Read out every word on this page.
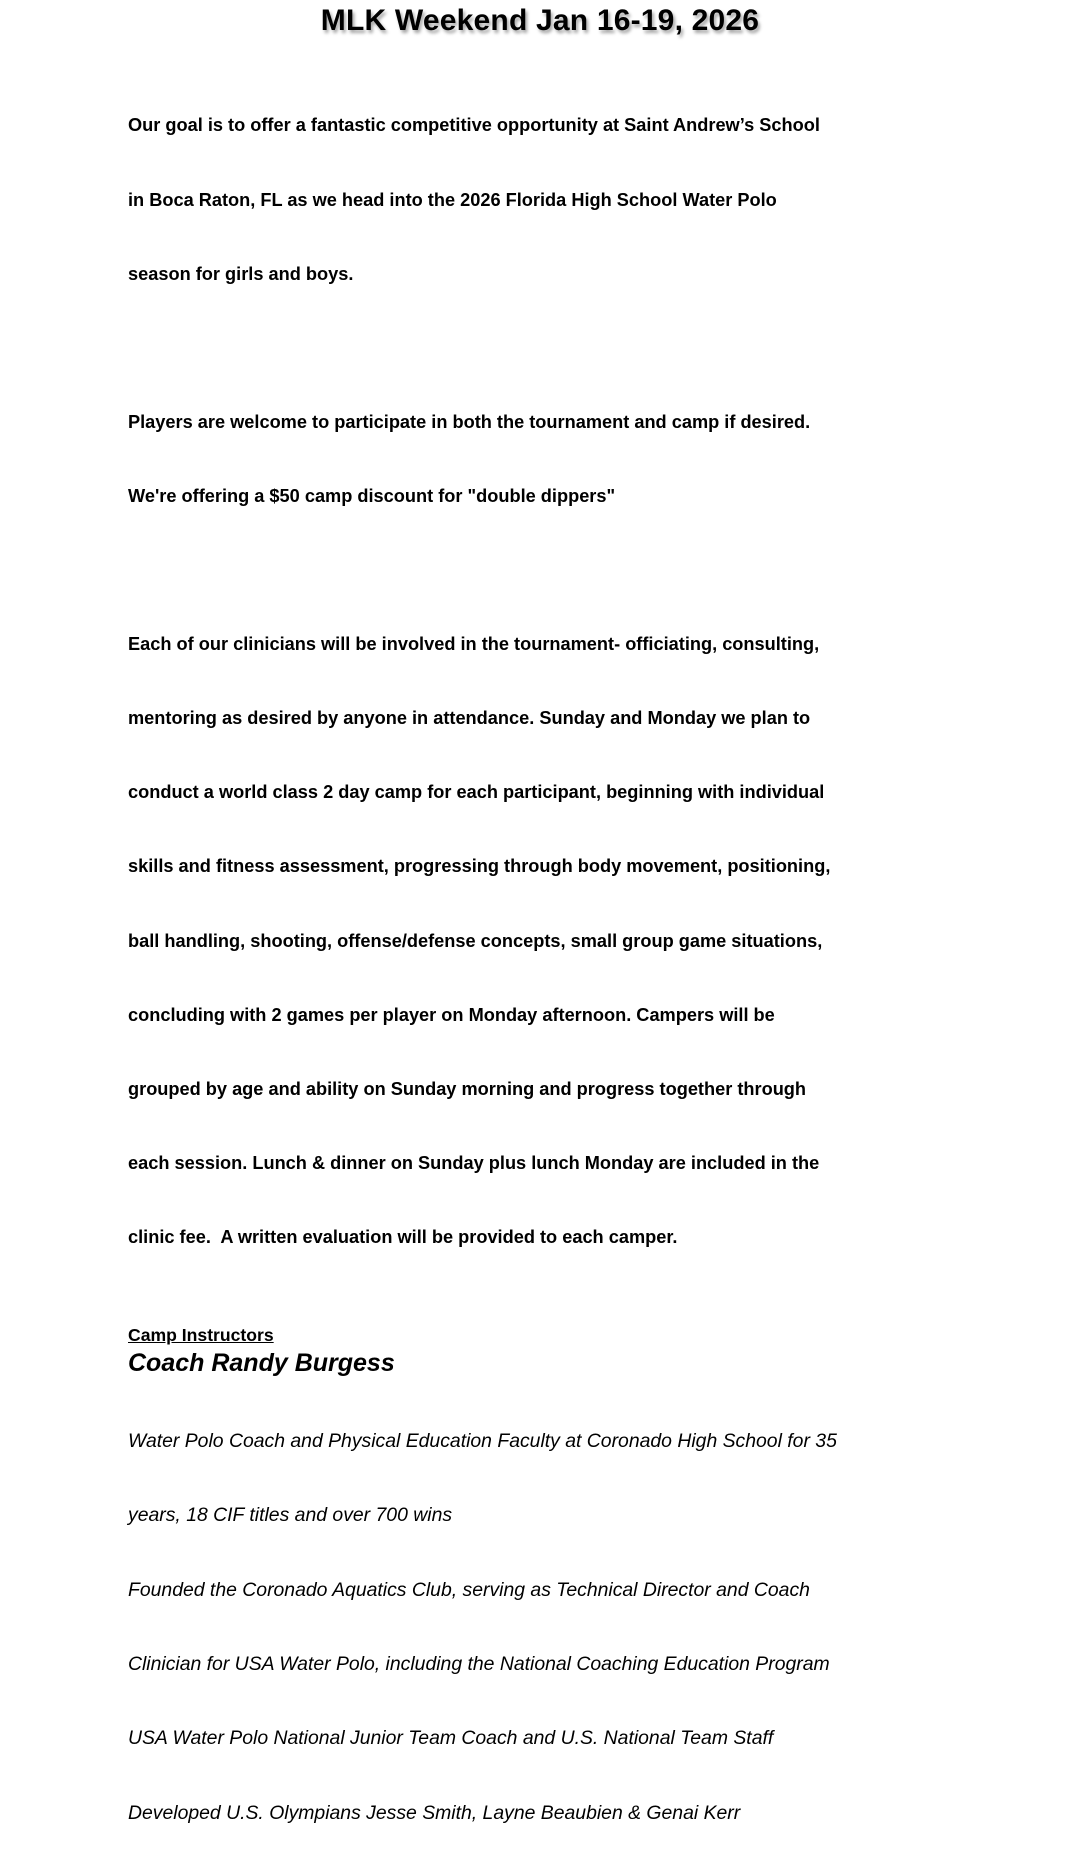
MLK Weekend Jan 16-19, 2026

Our goal is to offer a fantastic competitive opportunity at Saint Andrew’s School

in Boca Raton, FL as we head into the 2026 Florida High School Water Polo

season for girls and boys.

Players are welcome to participate in both the tournament and camp if desired.

We're offering a $50 camp discount for "double dippers"

Each of our clinicians will be involved in the tournament- officiating, consulting,

mentoring as desired by anyone in attendance. Sunday and Monday we plan to

conduct a world class 2 day camp for each participant, beginning with individual

skills and fitness assessment, progressing through body movement, positioning,

ball handling, shooting, offense/defense concepts, small group game situations,

concluding with 2 games per player on Monday afternoon. Campers will be

grouped by age and ability on Sunday morning and progress together through

each session. Lunch & dinner on Sunday plus lunch Monday are included in the

clinic fee.  A written evaluation will be provided to each camper.

Camp Instructors

Coach Randy Burgess

Water Polo Coach and Physical Education Faculty at Coronado High School for 35

years, 18 CIF titles and over 700 wins

Founded the Coronado Aquatics Club, serving as Technical Director and Coach

Clinician for USA Water Polo, including the National Coaching Education Program

USA Water Polo National Junior Team Coach and U.S. National Team Staff

Developed U.S. Olympians Jesse Smith, Layne Beaubien & Genai Kerr
